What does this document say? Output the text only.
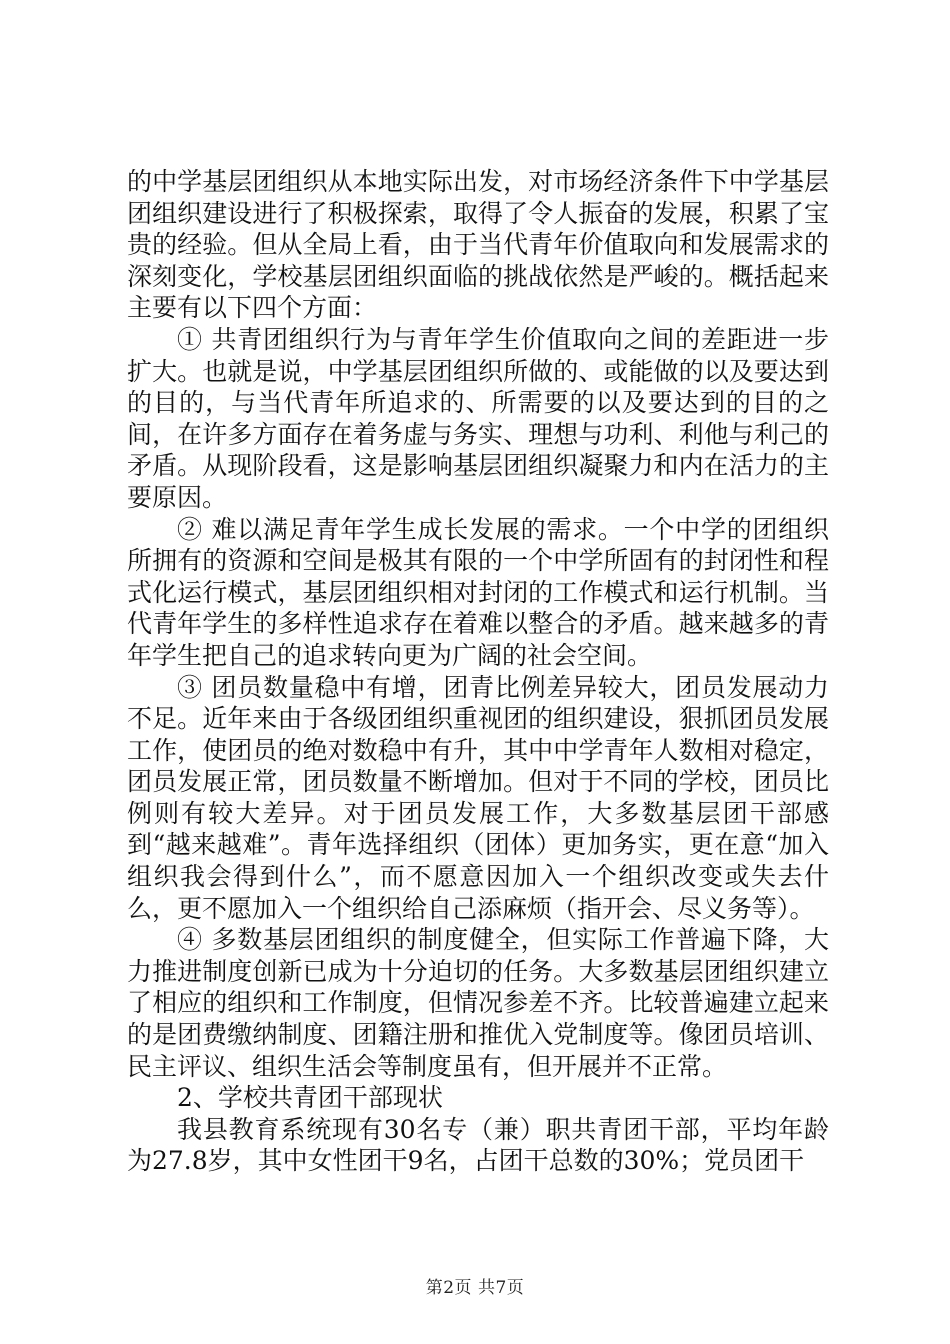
的中学基层团组织从本地实际出发，对市场经济条件下中学基层团组织建设进行了积极探索，取得了令人振奋的发展，积累了宝贵的经验。但从全局上看，由于当代青年价值取向和发展需求的深刻变化，学校基层团组织面临的挑战依然是严峻的。概括起来主要有以下四个方面：

① 共青团组织行为与青年学生价值取向之间的差距进一步扩大。也就是说，中学基层团组织所做的、或能做的以及要达到的目的，与当代青年所追求的、所需要的以及要达到的目的之间，在许多方面存在着务虚与务实、理想与功利、利他与利己的矛盾。从现阶段看，这是影响基层团组织凝聚力和内在活力的主要原因。

② 难以满足青年学生成长发展的需求。一个中学的团组织所拥有的资源和空间是极其有限的一个中学所固有的封闭性和程式化运行模式，基层团组织相对封闭的工作模式和运行机制。当代青年学生的多样性追求存在着难以整合的矛盾。越来越多的青年学生把自己的追求转向更为广阔的社会空间。

③ 团员数量稳中有增，团青比例差异较大，团员发展动力不足。近年来由于各级团组织重视团的组织建设，狠抓团员发展工作，使团员的绝对数稳中有升，其中中学青年人数相对稳定，团员发展正常，团员数量不断增加。但对于不同的学校，团员比例则有较大差异。对于团员发展工作，大多数基层团干部感到“越来越难”。青年选择组织（团体）更加务实，更在意“加入组织我会得到什么”，而不愿意因加入一个组织改变或失去什么，更不愿加入一个组织给自己添麻烦（指开会、尽义务等）。

④ 多数基层团组织的制度健全，但实际工作普遍下降，大力推进制度创新已成为十分迫切的任务。大多数基层团组织建立了相应的组织和工作制度，但情况参差不齐。比较普遍建立起来的是团费缴纳制度、团籍注册和推优入党制度等。像团员培训、民主评议、组织生活会等制度虽有，但开展并不正常。

2、学校共青团干部现状

我县教育系统现有30名专（兼）职共青团干部，平均年龄为27.8岁，其中女性团干9名，占团干总数的30%；党员团干

第2页 共7页
